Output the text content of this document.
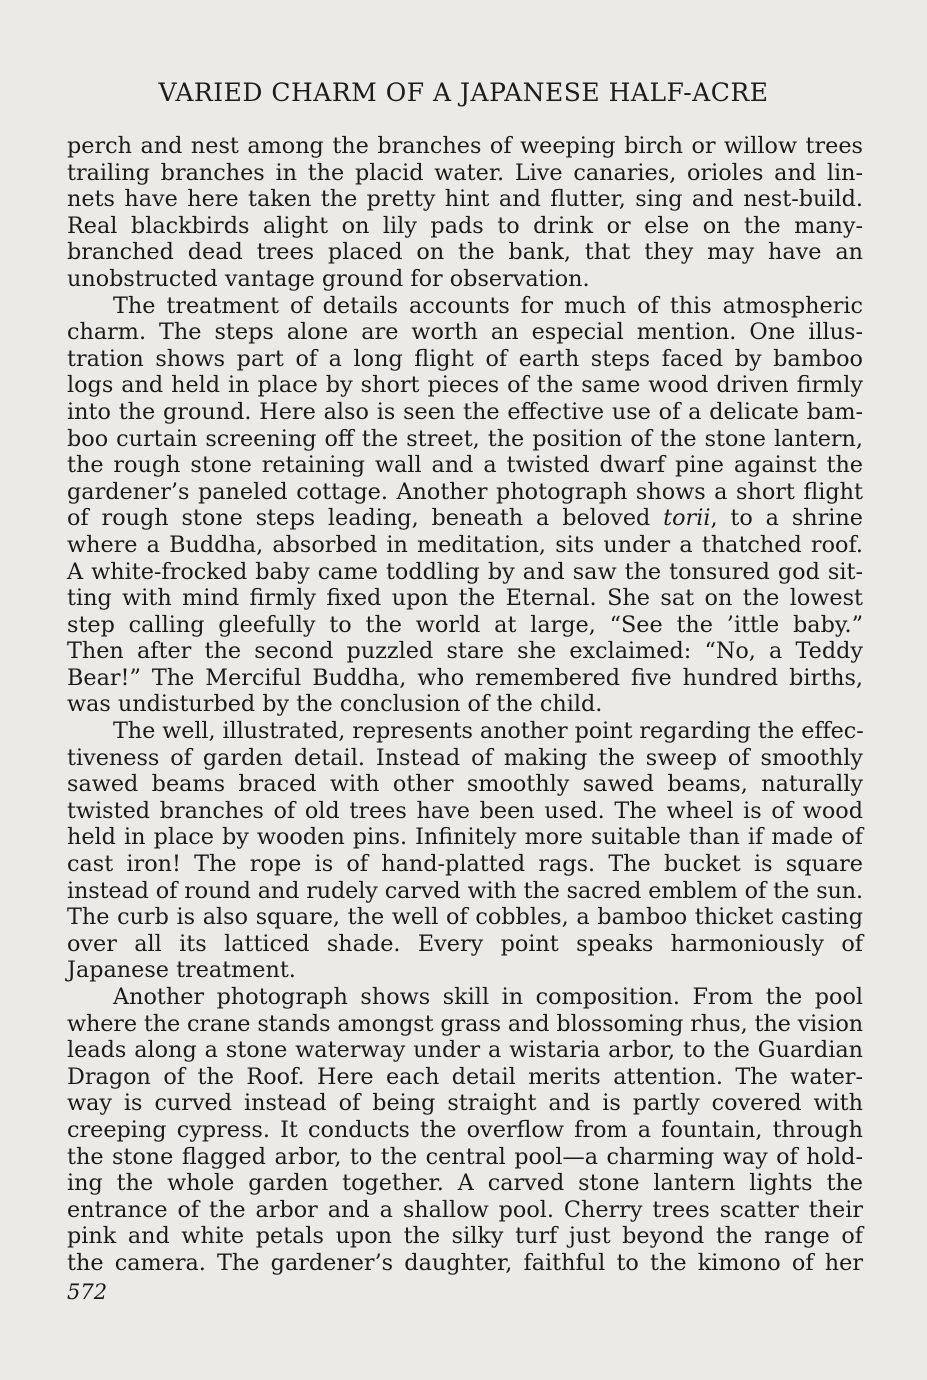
VARIED CHARM OF A JAPANESE HALF-ACRE

perch and nest among the branches of weeping birch or willow trees
trailing branches in the placid water. Live canaries, orioles and lin-
nets have here taken the pretty hint and flutter, sing and nest-build.
Real blackbirds alight on lily pads to drink or else on the many-
branched dead trees placed on the bank, that they may have an
unobstructed vantage ground for observation.

The treatment of details accounts for much of this atmospheric
charm. The steps alone are worth an especial mention. One illus-
tration shows part of a long flight of earth steps faced by bamboo
logs and held in place by short pieces of the same wood driven firmly
into the ground. Here also is seen the effective use of a delicate bam-
boo curtain screening off the street, the position of the stone lantern,
the rough stone retaining wall and a twisted dwarf pine against the
gardener’s paneled cottage. Another photograph shows a short flight
of rough stone steps leading, beneath a beloved torii, to a shrine
where a Buddha, absorbed in meditation, sits under a thatched roof.
A white-frocked baby came toddling by and saw the tonsured god sit-
ting with mind firmly fixed upon the Eternal. She sat on the lowest
step calling gleefully to the world at large, “See the ’ittle baby.”
Then after the second puzzled stare she exclaimed: “No, a Teddy
Bear!” The Merciful Buddha, who remembered five hundred births,
was undisturbed by the conclusion of the child.

The well, illustrated, represents another point regarding the effec-
tiveness of garden detail. Instead of making the sweep of smoothly
sawed beams braced with other smoothly sawed beams, naturally
twisted branches of old trees have been used. The wheel is of wood
held in place by wooden pins. Infinitely more suitable than if made of
cast iron! The rope is of hand-platted rags. The bucket is square
instead of round and rudely carved with the sacred emblem of the sun.
The curb is also square, the well of cobbles, a bamboo thicket casting
over all its latticed shade. Every point speaks harmoniously of
Japanese treatment.

Another photograph shows skill in composition. From the pool
where the crane stands amongst grass and blossoming rhus, the vision
leads along a stone waterway under a wistaria arbor, to the Guardian
Dragon of the Roof. Here each detail merits attention. The water-
way is curved instead of being straight and is partly covered with
creeping cypress. It conducts the overflow from a fountain, through
the stone flagged arbor, to the central pool—a charming way of hold-
ing the whole garden together. A carved stone lantern lights the
entrance of the arbor and a shallow pool. Cherry trees scatter their
pink and white petals upon the silky turf just beyond the range of
the camera. The gardener’s daughter, faithful to the kimono of her

572
